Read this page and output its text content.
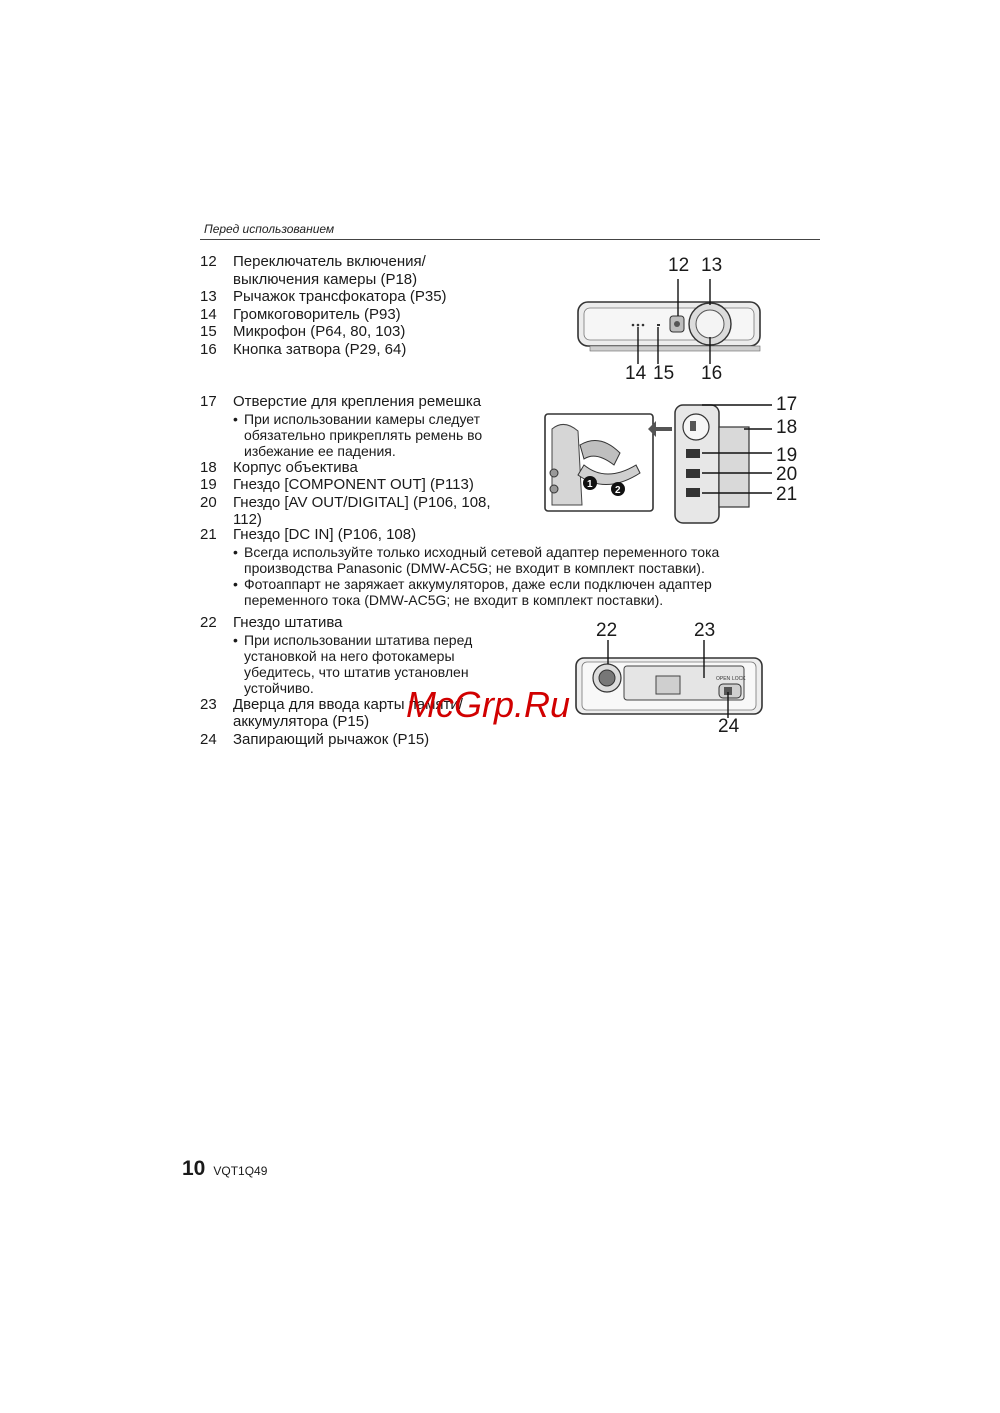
Перед использованием
12	Переключатель включения/ выключения камеры (P18)
13	Рычажок трансфокатора (P35)
14	Громкоговоритель (P93)
15	Микрофон (P64, 80, 103)
16	Кнопка затвора (P29, 64)
17	Отверстие для крепления ремешка
• При использовании камеры следует обязательно прикреплять ремень во избежание ее падения.
18	Корпус объектива
19	Гнездо [COMPONENT OUT] (P113)
20	Гнездо [AV OUT/DIGITAL] (P106, 108, 112)
21	Гнездо [DC IN] (P106, 108)
• Всегда используйте только исходный сетевой адаптер переменного тока производства Panasonic (DMW-AC5G; не входит в комплект поставки).
• Фотоаппарт не заряжает аккумуляторов, даже если подключен адаптер переменного тока (DMW-AC5G; не входит в комплект поставки).
22	Гнездо штатива
• При использовании штатива перед установкой на него фотокамеры убедитесь, что штатив установлен устойчиво.
23	Дверца для ввода карты памяти/ аккумулятора (P15)
24	Запирающий рычажок (P15)
12 13
14 15 16
1
2
17
18
19
20
21
OPEN LOCK
22	23
24
McGrp.Ru
10 VQT1Q49
